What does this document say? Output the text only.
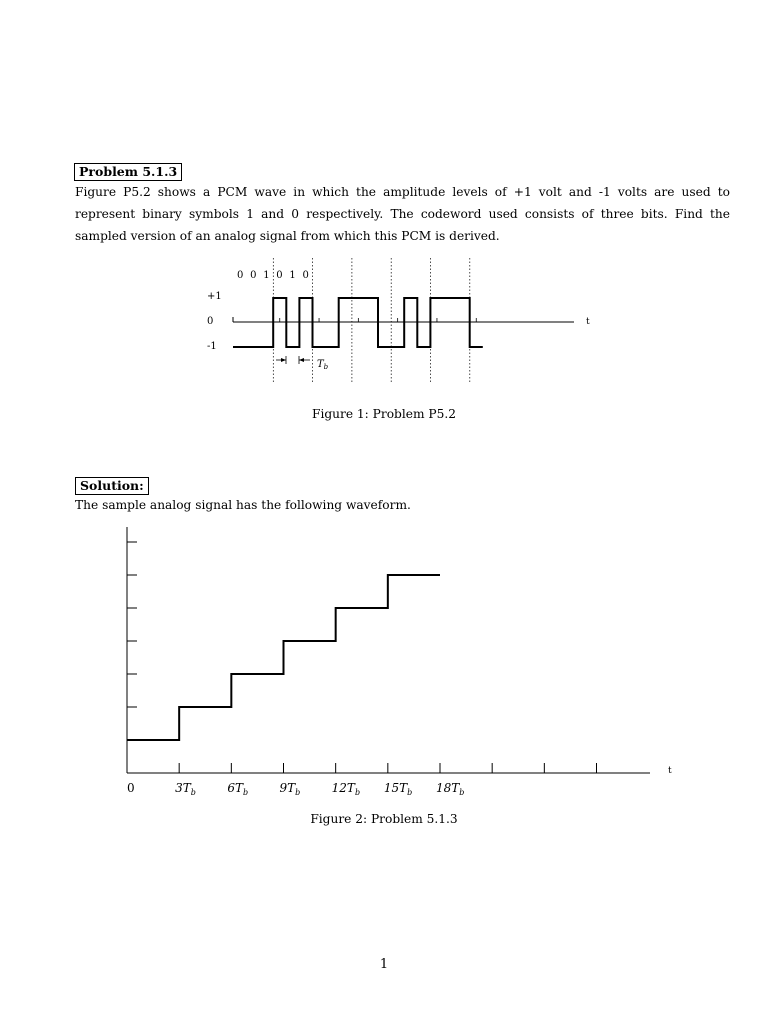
Problem 5.1.3
Figure P5.2 shows a PCM wave in which the amplitude levels of +1 volt and -1 volts are used to represent binary symbols 1 and 0 respectively. The codeword used consists of three bits. Find the sampled version of an analog signal from which this PCM is derived.
0 0 1 0 1 0
+1
0
-1
t
$T_b$
Figure 1: Problem P5.2
Solution:
The sample analog signal has the following waveform.
0	$3T_b$	$6T_b$	$9T_b$	$12T_b$ $15T_b$ $18T_b$
t
Figure 2: Problem 5.1.3
1
